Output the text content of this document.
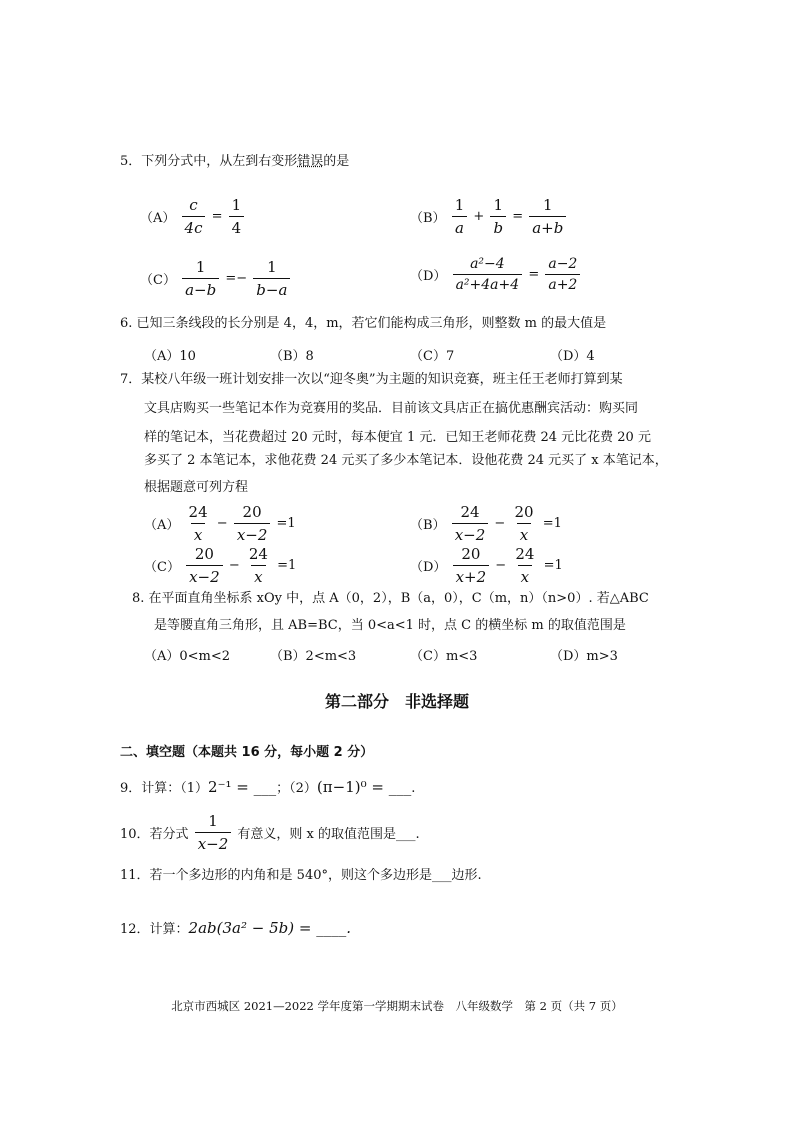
5．下列分式中，从左到右变形错误的是
$(A) \frac{c}{4c} = \frac{1}{4}$	$(B) \frac{1}{a} + \frac{1}{b} = \frac{1}{a+b}$
$(C) \frac{1}{a-b} =- \frac{1}{b-a}$	$(D) \frac{\text{a²−4}}{\text{a²+4a+4}} = \frac{a-2}{a+2}$
6. 已知三条线段的长分别是 4，4，m，若它们能构成三角形，则整数 m 的最大值是
（A）10	（B）8	（C）7	（D）4
7．某校八年级一班计划安排一次以“迎冬奥”为主题的知识竞赛，班主任王老师打算到某
文具店购买一些笔记本作为竞赛用的奖品．目前该文具店正在搞优惠酬宾活动：购买同
样的笔记本，当花费超过 20 元时，每本便宜 1 元．已知王老师花费 24 元比花费 20 元
多买了 2 本笔记本，求他花费 24 元买了多少本笔记本．设他花费 24 元买了 x 本笔记本，
根据题意可列方程
$(A) \frac{24}{x} - \frac{20}{x-2} =1$	$(B) \frac{24}{x-2} - \frac{20}{x} =1$
$(C) \frac{20}{x-2} - \frac{24}{x} =1$	$(D) \frac{20}{x+2} - \frac{24}{x} =1$
8. 在平面直角坐标系 xOy 中，点 A（0，2），B（a，0），C（m，n）（n>0）. 若△ABC
是等腰直角三角形，且 AB=BC，当 0<a<1 时，点 C 的横坐标 m 的取值范围是
（A）0<m<2	（B）2<m<3	（C）m<3	（D）m>3
第二部分　非选择题
二、填空题（本题共 16 分，每小题 2 分）
9．计算：（1）2⁻¹ = ___；（2）(π−1)⁰ = ___.
10．若分式 $\frac{1}{x-2}$ 有意义，则 x 的取值范围是___.
11．若一个多边形的内角和是 540°，则这个多边形是___边形.
12．计算：2ab(3a² − 5b) = ____.
北京市西城区 2021—2022 学年度第一学期期末试卷　八年级数学　第 2 页（共 7 页）
